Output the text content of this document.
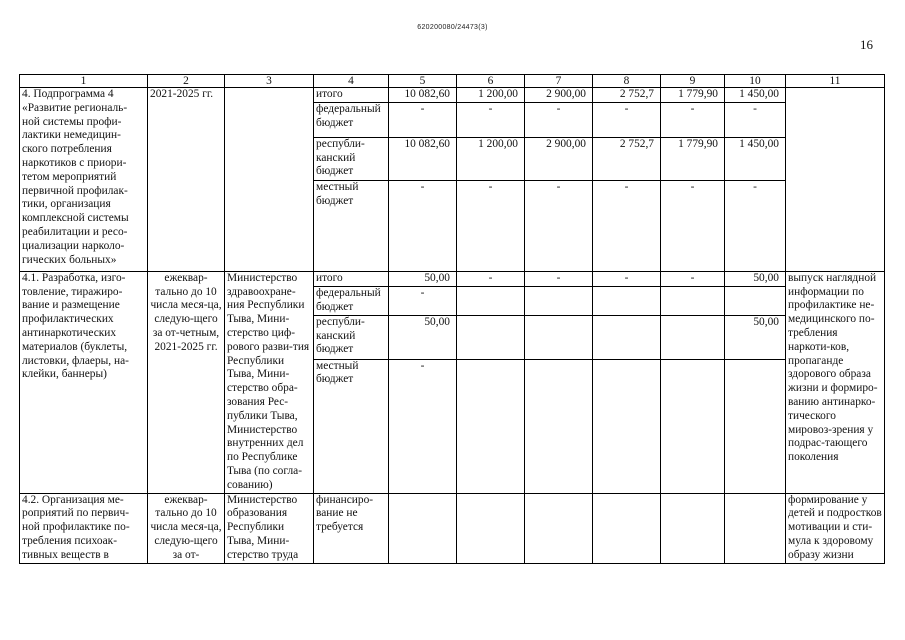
620200080/24473(3)
16
1	2	3	4	5	6	7	8	9	10	11
4. Подпрограмма 4 «Развитие региональ-ной системы профи-лактики немедицин-ского потребления наркотиков с приори-тетом мероприятий первичной профилак-тики, организация комплексной системы реабилитации и ресо-циализации нарколо-гических больных»	2021-2025 гг.		итого	10 082,60	1 200,00	2 900,00	2 752,7	1 779,90	1 450,00	
			федеральный бюджет	-	-	-	-	-	-	
			республи-канский бюджет	10 082,60	1 200,00	2 900,00	2 752,7	1 779,90	1 450,00	
			местный бюджет	-	-	-	-	-	-	
4.1. Разработка, изго-товление, тиражиро-вание и размещение профилактических антинаркотических материалов (буклеты, листовки, флаеры, на-клейки, баннеры)	ежеквар-тально до 10 числа меся-ца, следую-щего за от-четным, 2021-2025 гг.	Министерство здравоохране-ния Республики Тыва, Мини-стерство циф-рового разви-тия Республики Тыва, Мини-стерство обра-зования Рес-публики Тыва, Министерство внутренних дел по Республике Тыва (по согла-сованию)	итого	50,00	-	-	-	-	50,00	выпуск наглядной информации по профилактике не-медицинского по-требления наркоти-ков, пропаганде здорового образа жизни и формиро-ванию антинарко-тического мировоз-зрения у подрас-тающего поколения
			федеральный бюджет	-						
			республи-канский бюджет	50,00					50,00	
			местный бюджет	-						
4.2. Организация ме-роприятий по первич-ной профилактике по-требления психоак-тивных веществ в	ежеквар-тально до 10 числа меся-ца, следую-щего за от-	Министерство образования Республики Тыва, Мини-стерство труда	финансиро-вание не требуется							формирование у детей и подростков мотивации и сти-мула к здоровому образу жизни
